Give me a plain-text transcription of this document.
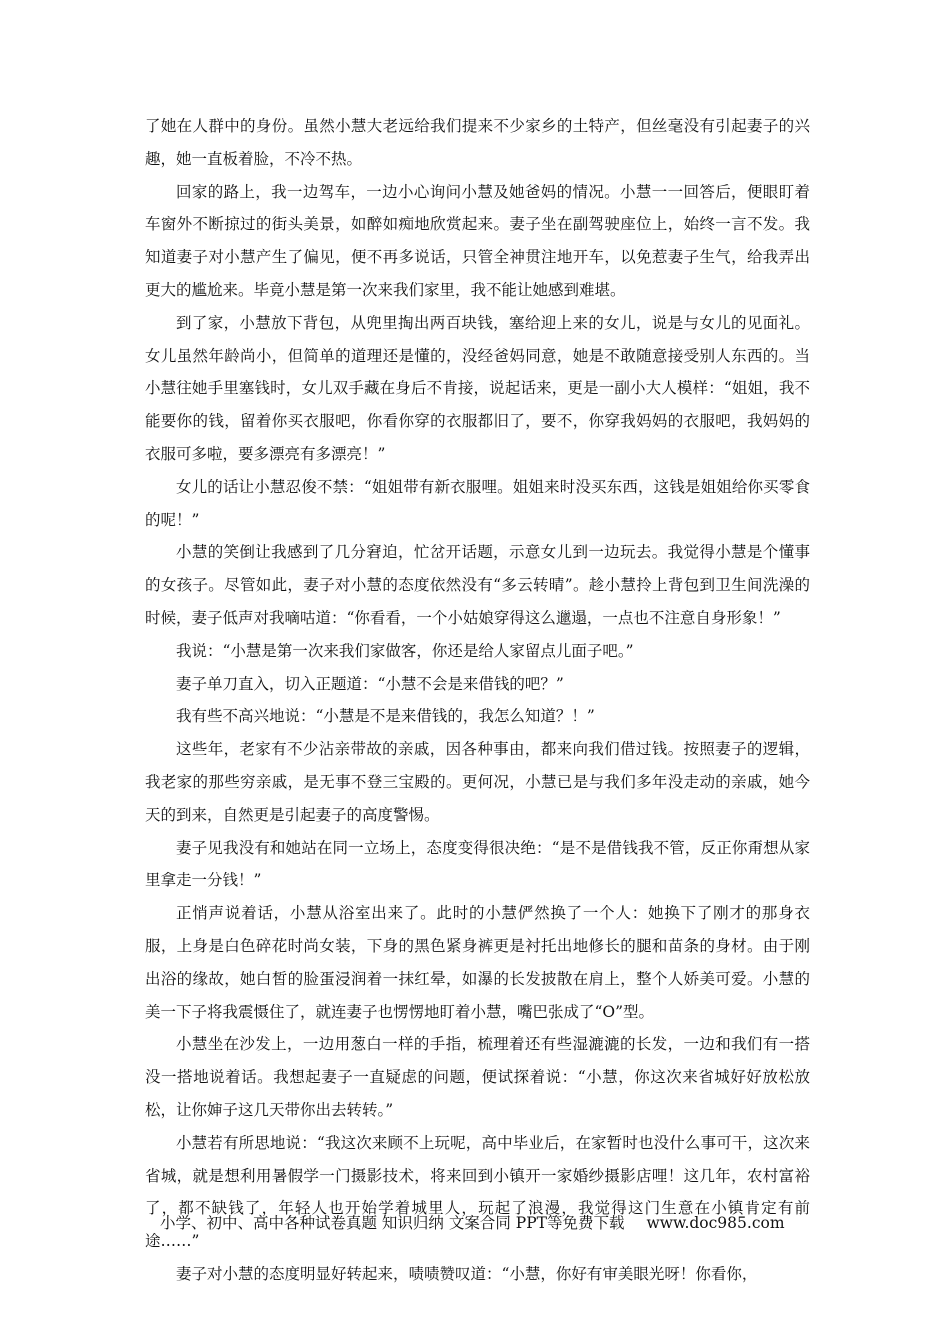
了她在人群中的身份。虽然小慧大老远给我们提来不少家乡的土特产，但丝毫没有引起妻子的兴趣，她一直板着脸，不冷不热。

回家的路上，我一边驾车，一边小心询问小慧及她爸妈的情况。小慧一一回答后，便眼盯着车窗外不断掠过的街头美景，如醉如痴地欣赏起来。妻子坐在副驾驶座位上，始终一言不发。我知道妻子对小慧产生了偏见，便不再多说话，只管全神贯注地开车，以免惹妻子生气，给我弄出更大的尴尬来。毕竟小慧是第一次来我们家里，我不能让她感到难堪。

到了家，小慧放下背包，从兜里掏出两百块钱，塞给迎上来的女儿，说是与女儿的见面礼。女儿虽然年龄尚小，但简单的道理还是懂的，没经爸妈同意，她是不敢随意接受别人东西的。当小慧往她手里塞钱时，女儿双手藏在身后不肯接，说起话来，更是一副小大人模样：“姐姐，我不能要你的钱，留着你买衣服吧，你看你穿的衣服都旧了，要不，你穿我妈妈的衣服吧，我妈妈的衣服可多啦，要多漂亮有多漂亮！”

女儿的话让小慧忍俊不禁：“姐姐带有新衣服哩。姐姐来时没买东西，这钱是姐姐给你买零食的呢！”

小慧的笑倒让我感到了几分窘迫，忙岔开话题，示意女儿到一边玩去。我觉得小慧是个懂事的女孩子。尽管如此，妻子对小慧的态度依然没有“多云转晴”。趁小慧拎上背包到卫生间洗澡的时候，妻子低声对我嘀咕道：“你看看，一个小姑娘穿得这么邋遢，一点也不注意自身形象！”

我说：“小慧是第一次来我们家做客，你还是给人家留点儿面子吧。”

妻子单刀直入，切入正题道：“小慧不会是来借钱的吧？”

我有些不高兴地说：“小慧是不是来借钱的，我怎么知道？！”

这些年，老家有不少沾亲带故的亲戚，因各种事由，都来向我们借过钱。按照妻子的逻辑，我老家的那些穷亲戚，是无事不登三宝殿的。更何况，小慧已是与我们多年没走动的亲戚，她今天的到来，自然更是引起妻子的高度警惕。

妻子见我没有和她站在同一立场上，态度变得很决绝：“是不是借钱我不管，反正你甭想从家里拿走一分钱！”

正悄声说着话，小慧从浴室出来了。此时的小慧俨然换了一个人：她换下了刚才的那身衣服，上身是白色碎花时尚女装，下身的黑色紧身裤更是衬托出地修长的腿和苗条的身材。由于刚出浴的缘故，她白皙的脸蛋浸润着一抹红晕，如瀑的长发披散在肩上，整个人娇美可爱。小慧的美一下子将我震慑住了，就连妻子也愣愣地盯着小慧，嘴巴张成了“O”型。

小慧坐在沙发上，一边用葱白一样的手指，梳理着还有些湿漉漉的长发，一边和我们有一搭没一搭地说着话。我想起妻子一直疑虑的问题，便试探着说：“小慧，你这次来省城好好放松放松，让你婶子这几天带你出去转转。”

小慧若有所思地说：“我这次来顾不上玩呢，高中毕业后，在家暂时也没什么事可干，这次来省城，就是想利用暑假学一门摄影技术，将来回到小镇开一家婚纱摄影店哩！这几年，农村富裕了，都不缺钱了，年轻人也开始学着城里人，玩起了浪漫，我觉得这门生意在小镇肯定有前途……”

妻子对小慧的态度明显好转起来，啧啧赞叹道：“小慧，你好有审美眼光呀！你看你，

小学、初中、高中各种试卷真题 知识归纳 文案合同 PPT等免费下载 www.doc985.com
